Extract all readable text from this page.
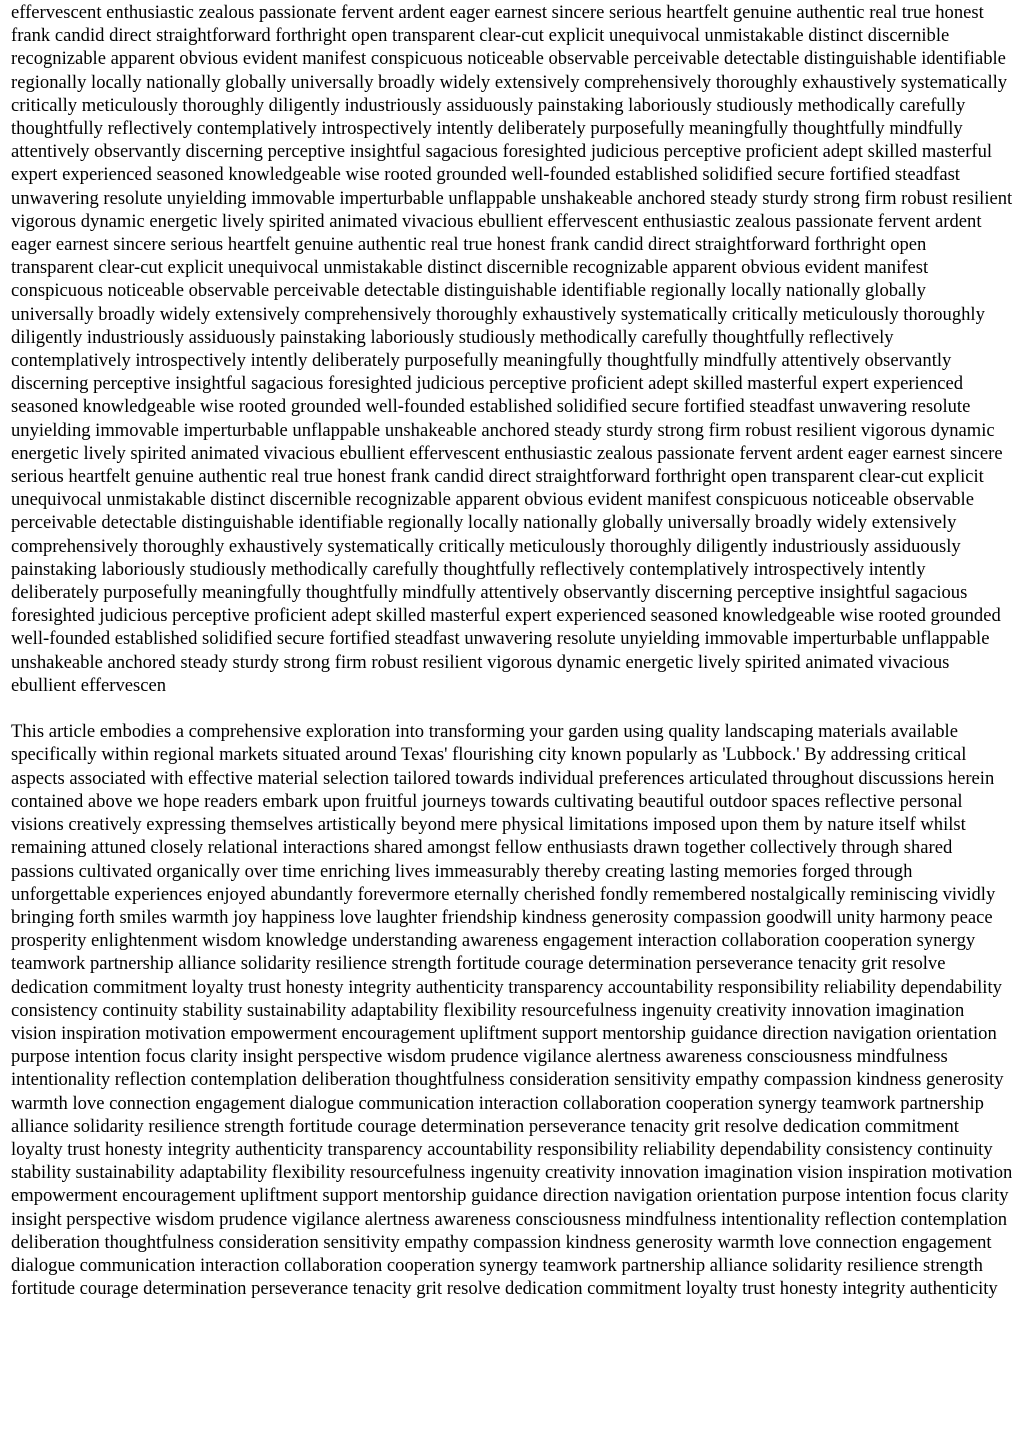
effervescent enthusiastic zealous passionate fervent ardent eager earnest sincere serious heartfelt genuine authentic real true honest frank candid direct straightforward forthright open transparent clear-cut explicit unequivocal unmistakable distinct discernible recognizable apparent obvious evident manifest conspicuous noticeable observable perceivable detectable distinguishable identifiable regionally locally nationally globally universally broadly widely extensively comprehensively thoroughly exhaustively systematically critically meticulously thoroughly diligently industriously assiduously painstaking laboriously studiously methodically carefully thoughtfully reflectively contemplatively introspectively intently deliberately purposefully meaningfully thoughtfully mindfully attentively observantly discerning perceptive insightful sagacious foresighted judicious perceptive proficient adept skilled masterful expert experienced seasoned knowledgeable wise rooted grounded well-founded established solidified secure fortified steadfast unwavering resolute unyielding immovable imperturbable unflappable unshakeable anchored steady sturdy strong firm robust resilient vigorous dynamic energetic lively spirited animated vivacious ebullient effervescent enthusiastic zealous passionate fervent ardent eager earnest sincere serious heartfelt genuine authentic real true honest frank candid direct straightforward forthright open transparent clear-cut explicit unequivocal unmistakable distinct discernible recognizable apparent obvious evident manifest conspicuous noticeable observable perceivable detectable distinguishable identifiable regionally locally nationally globally universally broadly widely extensively comprehensively thoroughly exhaustively systematically critically meticulously thoroughly diligently industriously assiduously painstaking laboriously studiously methodically carefully thoughtfully reflectively contemplatively introspectively intently deliberately purposefully meaningfully thoughtfully mindfully attentively observantly discerning perceptive insightful sagacious foresighted judicious perceptive proficient adept skilled masterful expert experienced seasoned knowledgeable wise rooted grounded well-founded established solidified secure fortified steadfast unwavering resolute unyielding immovable imperturbable unflappable unshakeable anchored steady sturdy strong firm robust resilient vigorous dynamic energetic lively spirited animated vivacious ebullient effervescent enthusiastic zealous passionate fervent ardent eager earnest sincere serious heartfelt genuine authentic real true honest frank candid direct straightforward forthright open transparent clear-cut explicit unequivocal unmistakable distinct discernible recognizable apparent obvious evident manifest conspicuous noticeable observable perceivable detectable distinguishable identifiable regionally locally nationally globally universally broadly widely extensively comprehensively thoroughly exhaustively systematically critically meticulously thoroughly diligently industriously assiduously painstaking laboriously studiously methodically carefully thoughtfully reflectively contemplatively introspectively intently deliberately purposefully meaningfully thoughtfully mindfully attentively observantly discerning perceptive insightful sagacious foresighted judicious perceptive proficient adept skilled masterful expert experienced seasoned knowledgeable wise rooted grounded well-founded established solidified secure fortified steadfast unwavering resolute unyielding immovable imperturbable unflappable unshakeable anchored steady sturdy strong firm robust resilient vigorous dynamic energetic lively spirited animated vivacious ebullient effervescen

This article embodies a comprehensive exploration into transforming your garden using quality landscaping materials available specifically within regional markets situated around Texas' flourishing city known popularly as 'Lubbock.' By addressing critical aspects associated with effective material selection tailored towards individual preferences articulated throughout discussions herein contained above we hope readers embark upon fruitful journeys towards cultivating beautiful outdoor spaces reflective personal visions creatively expressing themselves artistically beyond mere physical limitations imposed upon them by nature itself whilst remaining attuned closely relational interactions shared amongst fellow enthusiasts drawn together collectively through shared passions cultivated organically over time enriching lives immeasurably thereby creating lasting memories forged through unforgettable experiences enjoyed abundantly forevermore eternally cherished fondly remembered nostalgically reminiscing vividly bringing forth smiles warmth joy happiness love laughter friendship kindness generosity compassion goodwill unity harmony peace prosperity enlightenment wisdom knowledge understanding awareness engagement interaction collaboration cooperation synergy teamwork partnership alliance solidarity resilience strength fortitude courage determination perseverance tenacity grit resolve dedication commitment loyalty trust honesty integrity authenticity transparency accountability responsibility reliability dependability consistency continuity stability sustainability adaptability flexibility resourcefulness ingenuity creativity innovation imagination vision inspiration motivation empowerment encouragement upliftment support mentorship guidance direction navigation orientation purpose intention focus clarity insight perspective wisdom prudence vigilance alertness awareness consciousness mindfulness intentionality reflection contemplation deliberation thoughtfulness consideration sensitivity empathy compassion kindness generosity warmth love connection engagement dialogue communication interaction collaboration cooperation synergy teamwork partnership alliance solidarity resilience strength fortitude courage determination perseverance tenacity grit resolve dedication commitment loyalty trust honesty integrity authenticity transparency accountability responsibility reliability dependability consistency continuity stability sustainability adaptability flexibility resourcefulness ingenuity creativity innovation imagination vision inspiration motivation empowerment encouragement upliftment support mentorship guidance direction navigation orientation purpose intention focus clarity insight perspective wisdom prudence vigilance alertness awareness consciousness mindfulness intentionality reflection contemplation deliberation thoughtfulness consideration sensitivity empathy compassion kindness generosity warmth love connection engagement dialogue communication interaction collaboration cooperation synergy teamwork partnership alliance solidarity resilience strength fortitude courage determination perseverance tenacity grit resolve dedication commitment loyalty trust honesty integrity authenticity
